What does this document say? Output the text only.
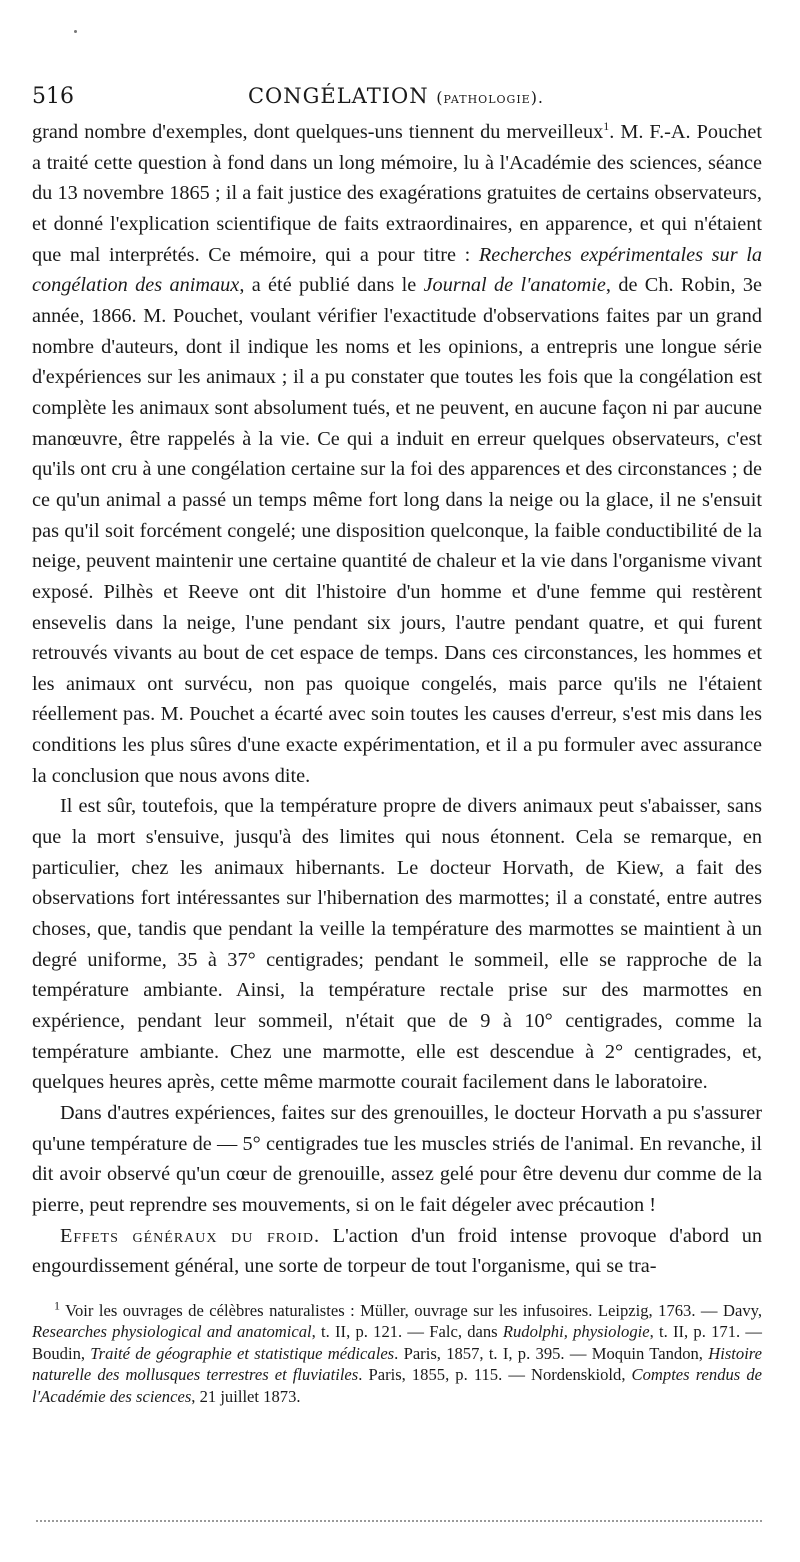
516	CONGÉLATION (pathologie).

grand nombre d'exemples, dont quelques-uns tiennent du merveilleux$^1$. M. F.-A. Pouchet a traité cette question à fond dans un long mémoire, lu à l'Académie des sciences, séance du 13 novembre 1865 ; il a fait justice des exagérations gratuites de certains observateurs, et donné l'explication scientifique de faits extraordinaires, en apparence, et qui n'étaient que mal interprétés. Ce mémoire, qui a pour titre : Recherches expérimentales sur la congélation des animaux, a été publié dans le Journal de l'anatomie, de Ch. Robin, 3e année, 1866. M. Pouchet, voulant vérifier l'exactitude d'observations faites par un grand nombre d'auteurs, dont il indique les noms et les opinions, a entrepris une longue série d'expériences sur les animaux ; il a pu constater que toutes les fois que la congélation est complète les animaux sont absolument tués, et ne peuvent, en aucune façon ni par aucune manœuvre, être rappelés à la vie. Ce qui a induit en erreur quelques observateurs, c'est qu'ils ont cru à une congélation certaine sur la foi des apparences et des circonstances ; de ce qu'un animal a passé un temps même fort long dans la neige ou la glace, il ne s'ensuit pas qu'il soit forcément congelé; une disposition quelconque, la faible conductibilité de la neige, peuvent maintenir une certaine quantité de chaleur et la vie dans l'organisme vivant exposé. Pilhès et Reeve ont dit l'histoire d'un homme et d'une femme qui restèrent ensevelis dans la neige, l'une pendant six jours, l'autre pendant quatre, et qui furent retrouvés vivants au bout de cet espace de temps. Dans ces circonstances, les hommes et les animaux ont survécu, non pas quoique congelés, mais parce qu'ils ne l'étaient réellement pas. M. Pouchet a écarté avec soin toutes les causes d'erreur, s'est mis dans les conditions les plus sûres d'une exacte expérimentation, et il a pu formuler avec assurance la conclusion que nous avons dite.

Il est sûr, toutefois, que la température propre de divers animaux peut s'abaisser, sans que la mort s'ensuive, jusqu'à des limites qui nous étonnent. Cela se remarque, en particulier, chez les animaux hibernants. Le docteur Horvath, de Kiew, a fait des observations fort intéressantes sur l'hibernation des marmottes; il a constaté, entre autres choses, que, tandis que pendant la veille la température des marmottes se maintient à un degré uniforme, 35 à 37° centigrades; pendant le sommeil, elle se rapproche de la température ambiante. Ainsi, la température rectale prise sur des marmottes en expérience, pendant leur sommeil, n'était que de 9 à 10° centigrades, comme la température ambiante. Chez une marmotte, elle est descendue à 2° centigrades, et, quelques heures après, cette même marmotte courait facilement dans le laboratoire.

Dans d'autres expériences, faites sur des grenouilles, le docteur Horvath a pu s'assurer qu'une température de — 5° centigrades tue les muscles striés de l'animal. En revanche, il dit avoir observé qu'un cœur de grenouille, assez gelé pour être devenu dur comme de la pierre, peut reprendre ses mouvements, si on le fait dégeler avec précaution !

Effets généraux du froid. L'action d'un froid intense provoque d'abord un engourdissement général, une sorte de torpeur de tout l'organisme, qui se tra-

$^1$ Voir les ouvrages de célèbres naturalistes : Müller, ouvrage sur les infusoires. Leipzig, 1763. — Davy, Researches physiological and anatomical, t. II, p. 121. — Falc, dans Rudolphi, physiologie, t. II, p. 171. — Boudin, Traité de géographie et statistique médicales. Paris, 1857, t. I, p. 395. — Moquin Tandon, Histoire naturelle des mollusques terrestres et fluviatiles. Paris, 1855, p. 115. — Nordenskiold, Comptes rendus de l'Académie des sciences, 21 juillet 1873.
